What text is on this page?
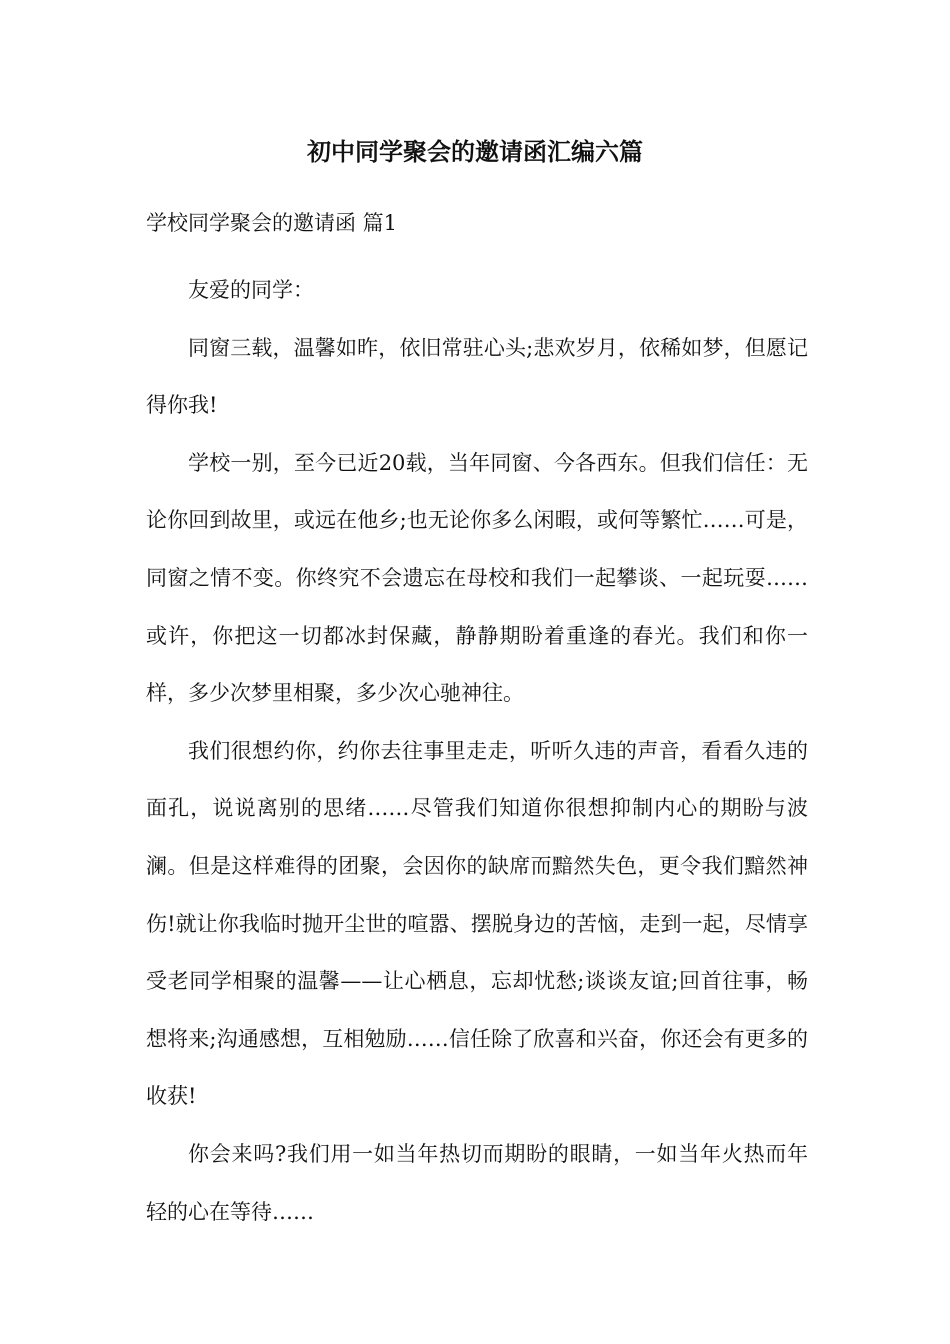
初中同学聚会的邀请函汇编六篇
学校同学聚会的邀请函 篇1

友爱的同学：

同窗三载，温馨如昨，依旧常驻心头;悲欢岁月，依稀如梦，但愿记得你我!

学校一别，至今已近20载，当年同窗、今各西东。但我们信任：无论你回到故里，或远在他乡;也无论你多么闲暇，或何等繁忙……可是，同窗之情不变。你终究不会遗忘在母校和我们一起攀谈、一起玩耍……或许，你把这一切都冰封保藏，静静期盼着重逢的春光。我们和你一样，多少次梦里相聚，多少次心驰神往。

我们很想约你，约你去往事里走走，听听久违的声音，看看久违的面孔，说说离别的思绪……尽管我们知道你很想抑制内心的期盼与波澜。但是这样难得的团聚，会因你的缺席而黯然失色，更令我们黯然神伤!就让你我临时抛开尘世的喧嚣、摆脱身边的苦恼，走到一起，尽情享受老同学相聚的温馨——让心栖息，忘却忧愁;谈谈友谊;回首往事，畅想将来;沟通感想，互相勉励……信任除了欣喜和兴奋，你还会有更多的收获!

你会来吗?我们用一如当年热切而期盼的眼睛，一如当年火热而年轻的心在等待……
